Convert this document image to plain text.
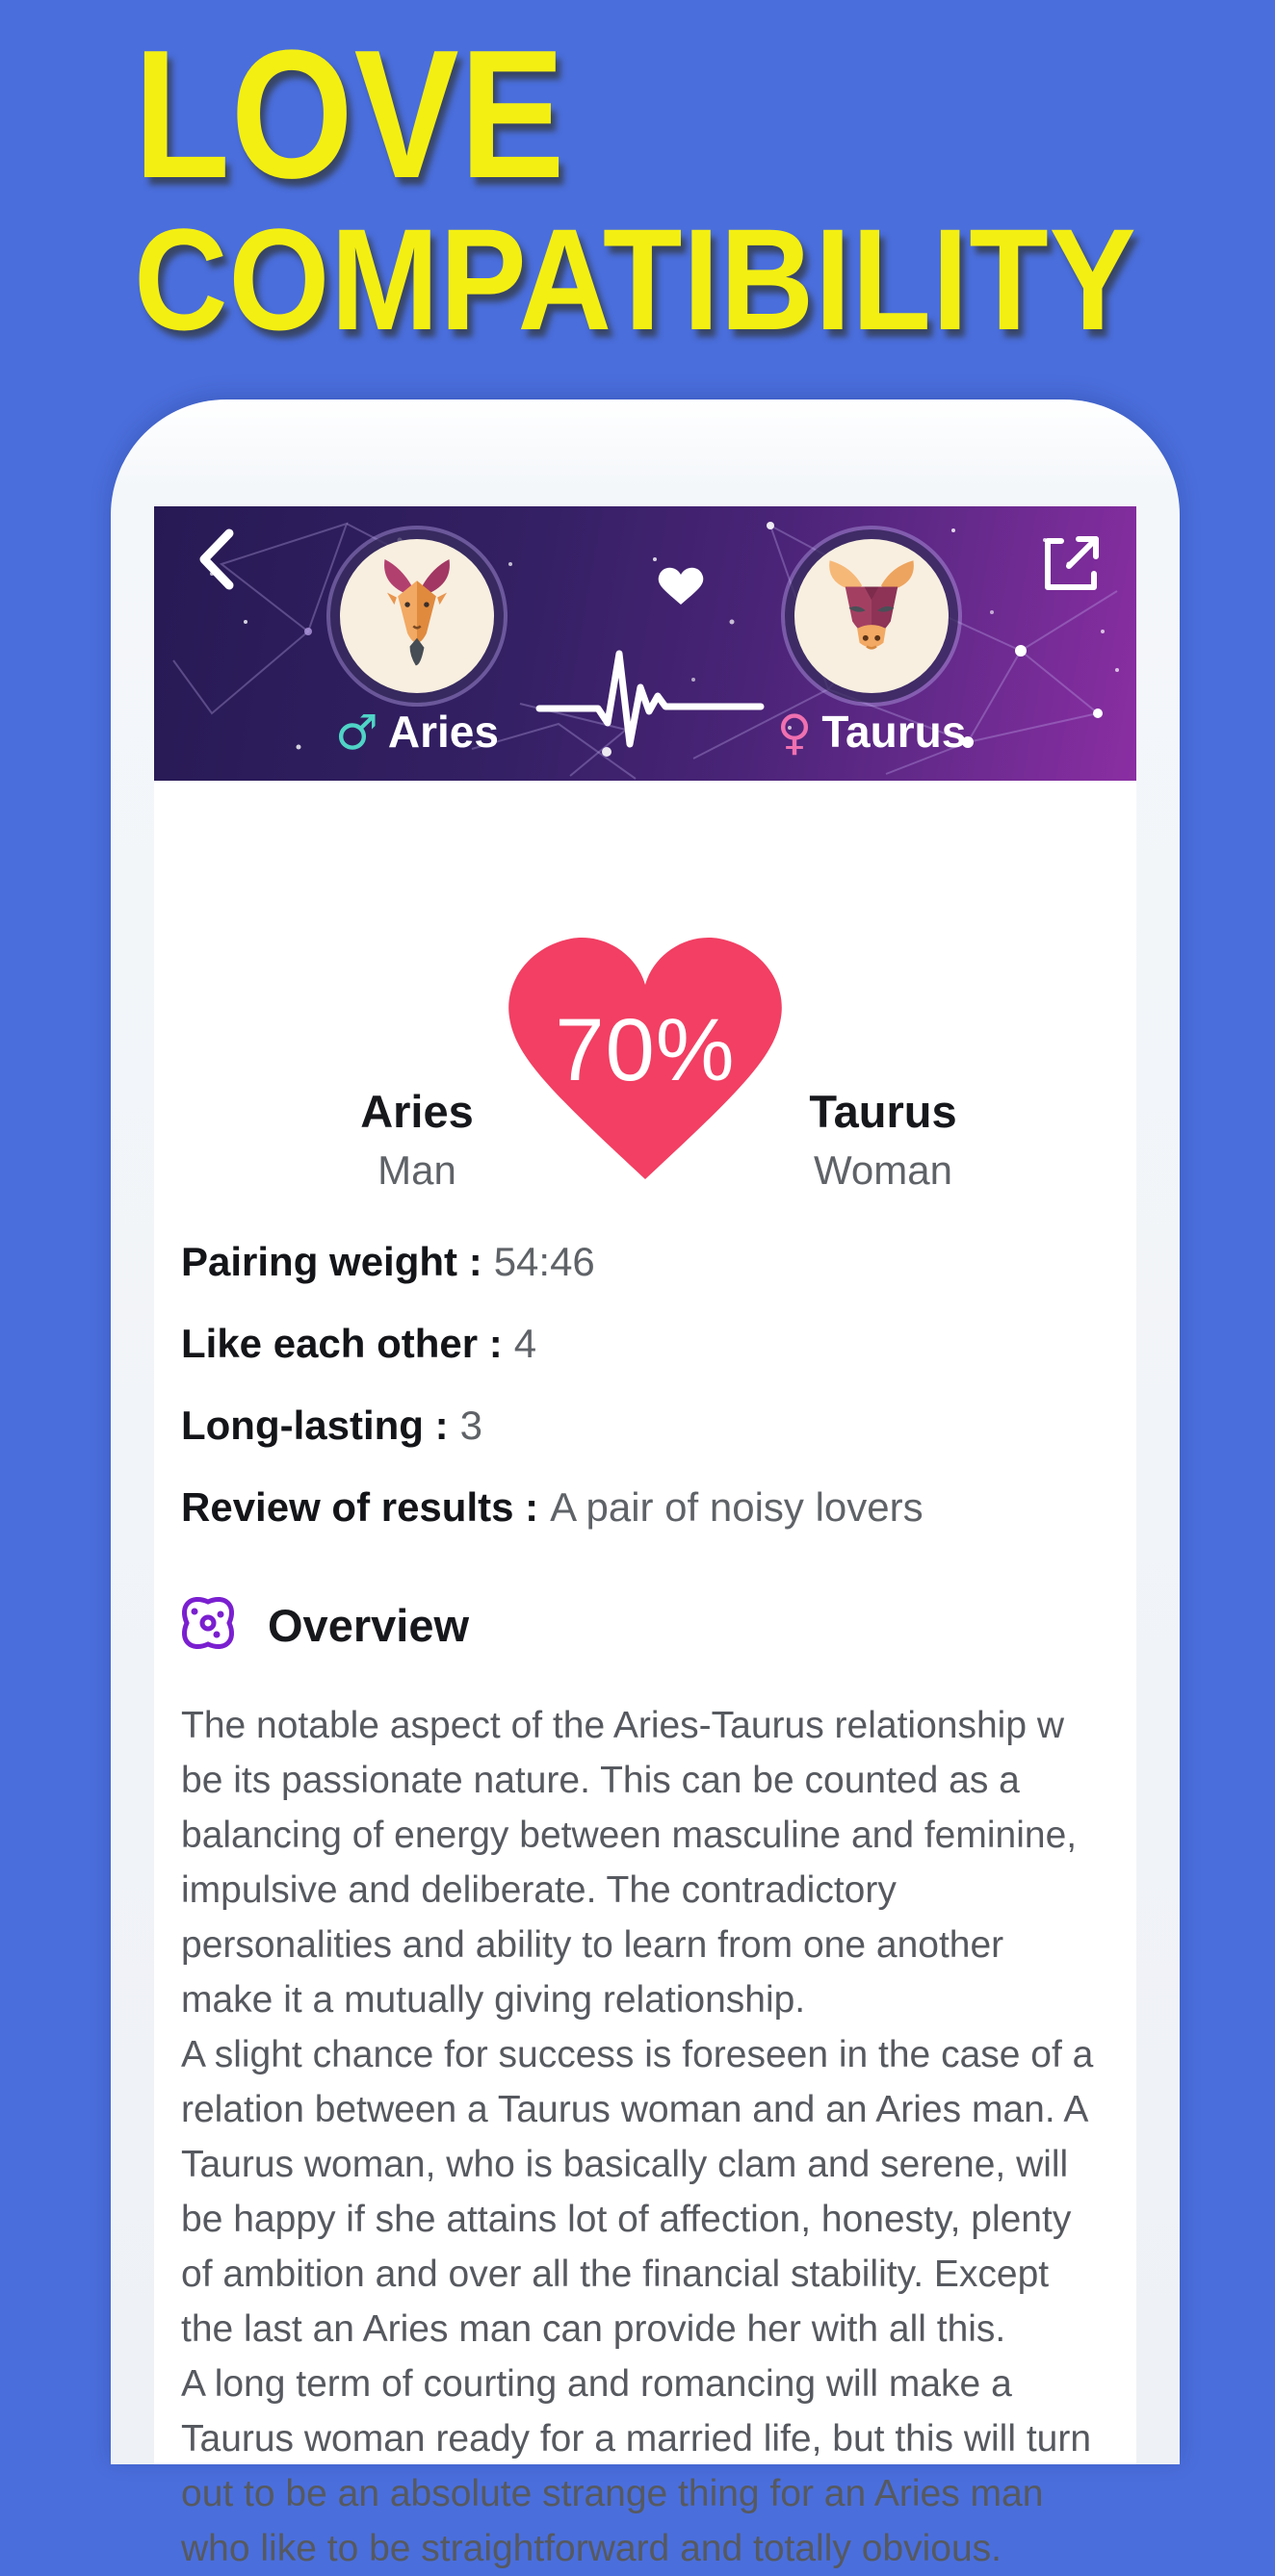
LOVE
COMPATIBILITY
♂ Aries	♀ Taurus
70%
Aries
Man
Taurus
Woman
Pairing weight : 54:46
Like each other : 4
Long-lasting : 3
Review of results : A pair of noisy lovers
Overview
The notable aspect of the Aries-Taurus relationship w
be its passionate nature. This can be counted as a
balancing of energy between masculine and feminine,
impulsive and deliberate. The contradictory
personalities and ability to learn from one another
make it a mutually giving relationship.
A slight chance for success is foreseen in the case of a
relation between a Taurus woman and an Aries man. A
Taurus woman, who is basically clam and serene, will
be happy if she attains lot of affection, honesty, plenty
of ambition and over all the financial stability. Except
the last an Aries man can provide her with all this.
A long term of courting and romancing will make a
Taurus woman ready for a married life, but this will turn
out to be an absolute strange thing for an Aries man
who like to be straightforward and totally obvious.
